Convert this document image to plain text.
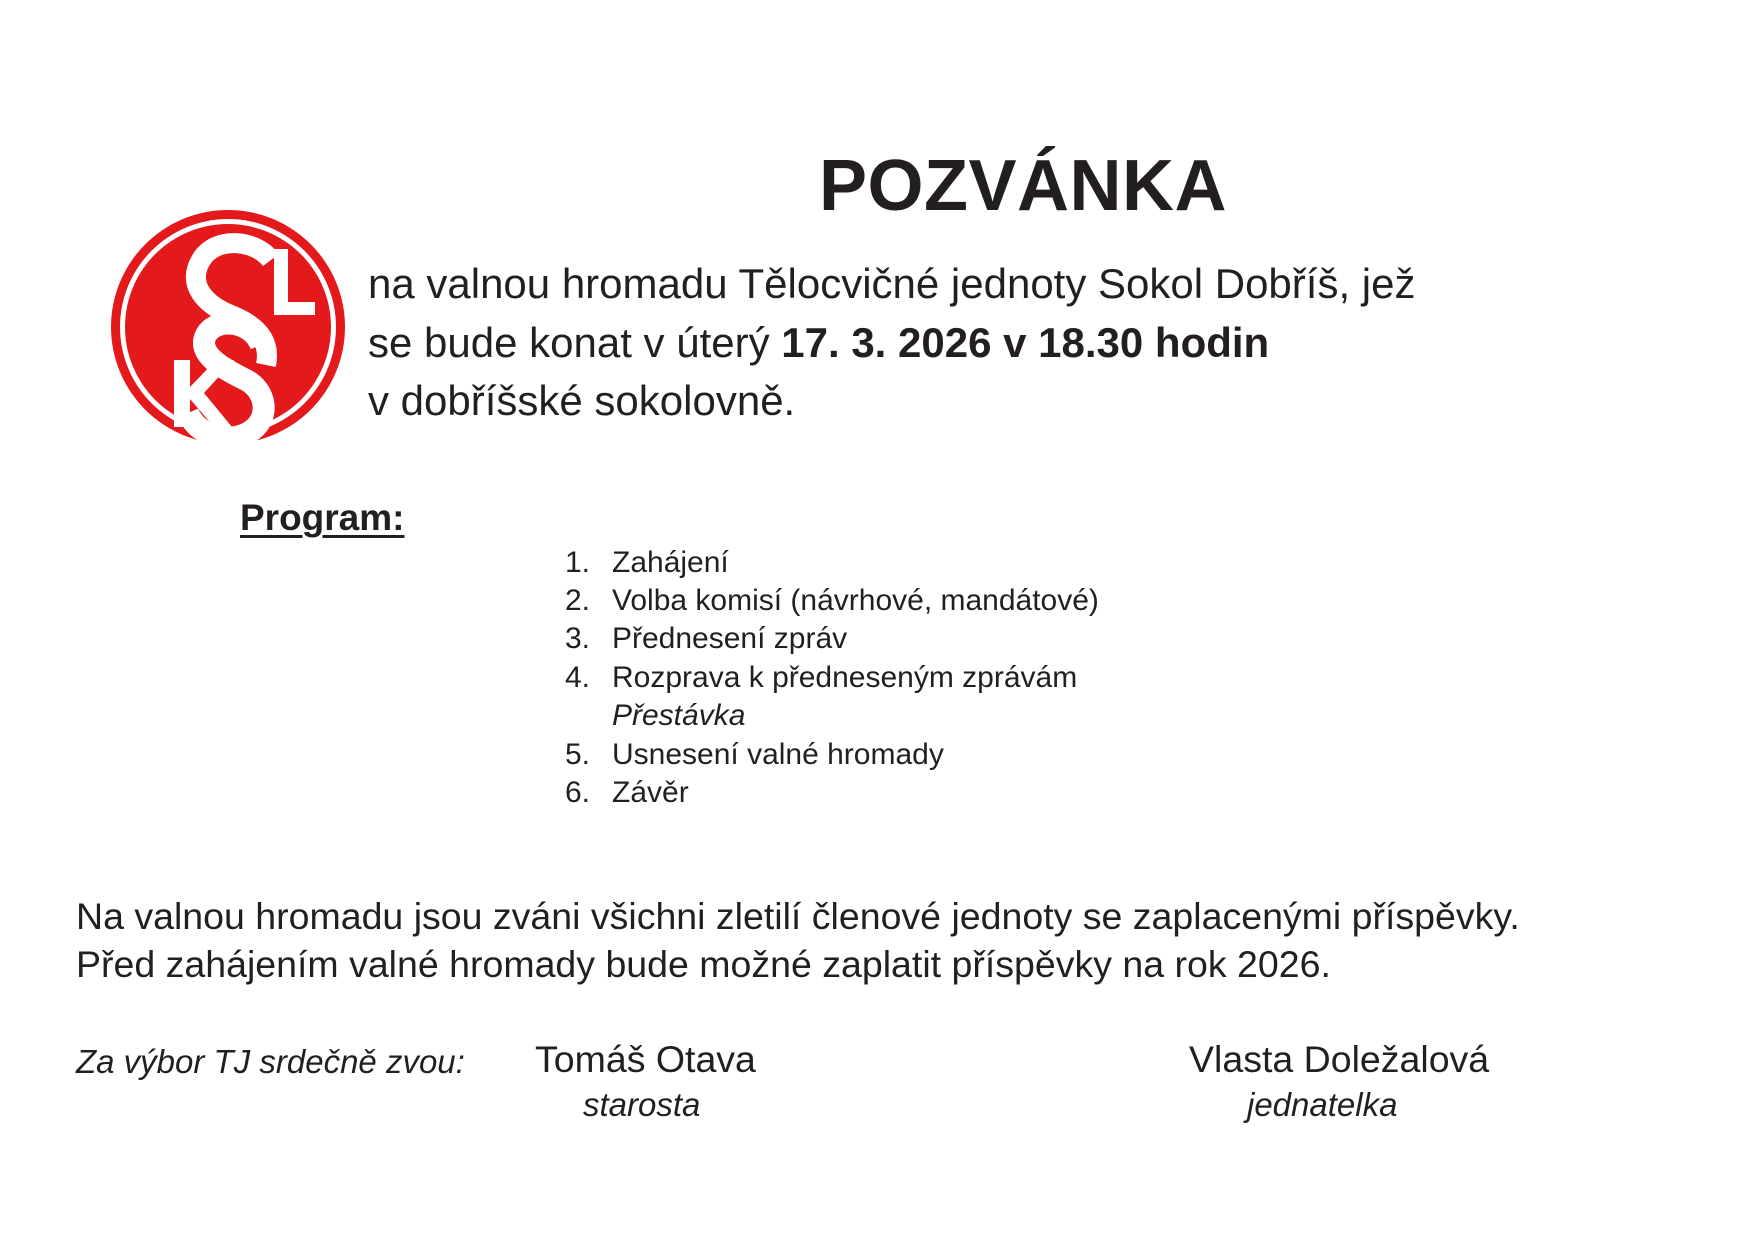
POZVÁNKA
na valnou hromadu Tělocvičné jednoty Sokol Dobříš, jež
se bude konat v úterý 17. 3. 2026 v 18.30 hodin
v dobříšské sokolovně.
Program:
1. Zahájení
2. Volba komisí (návrhové, mandátové)
3. Přednesení zpráv
4. Rozprava k předneseným zprávám
Přestávka
5. Usnesení valné hromady
6. Závěr
Na valnou hromadu jsou zváni všichni zletilí členové jednoty se zaplacenými příspěvky.
Před zahájením valné hromady bude možné zaplatit příspěvky na rok 2026.
Za výbor TJ srdečně zvou: Tomáš Otava
starosta
Vlasta Doležalová
jednatelka
